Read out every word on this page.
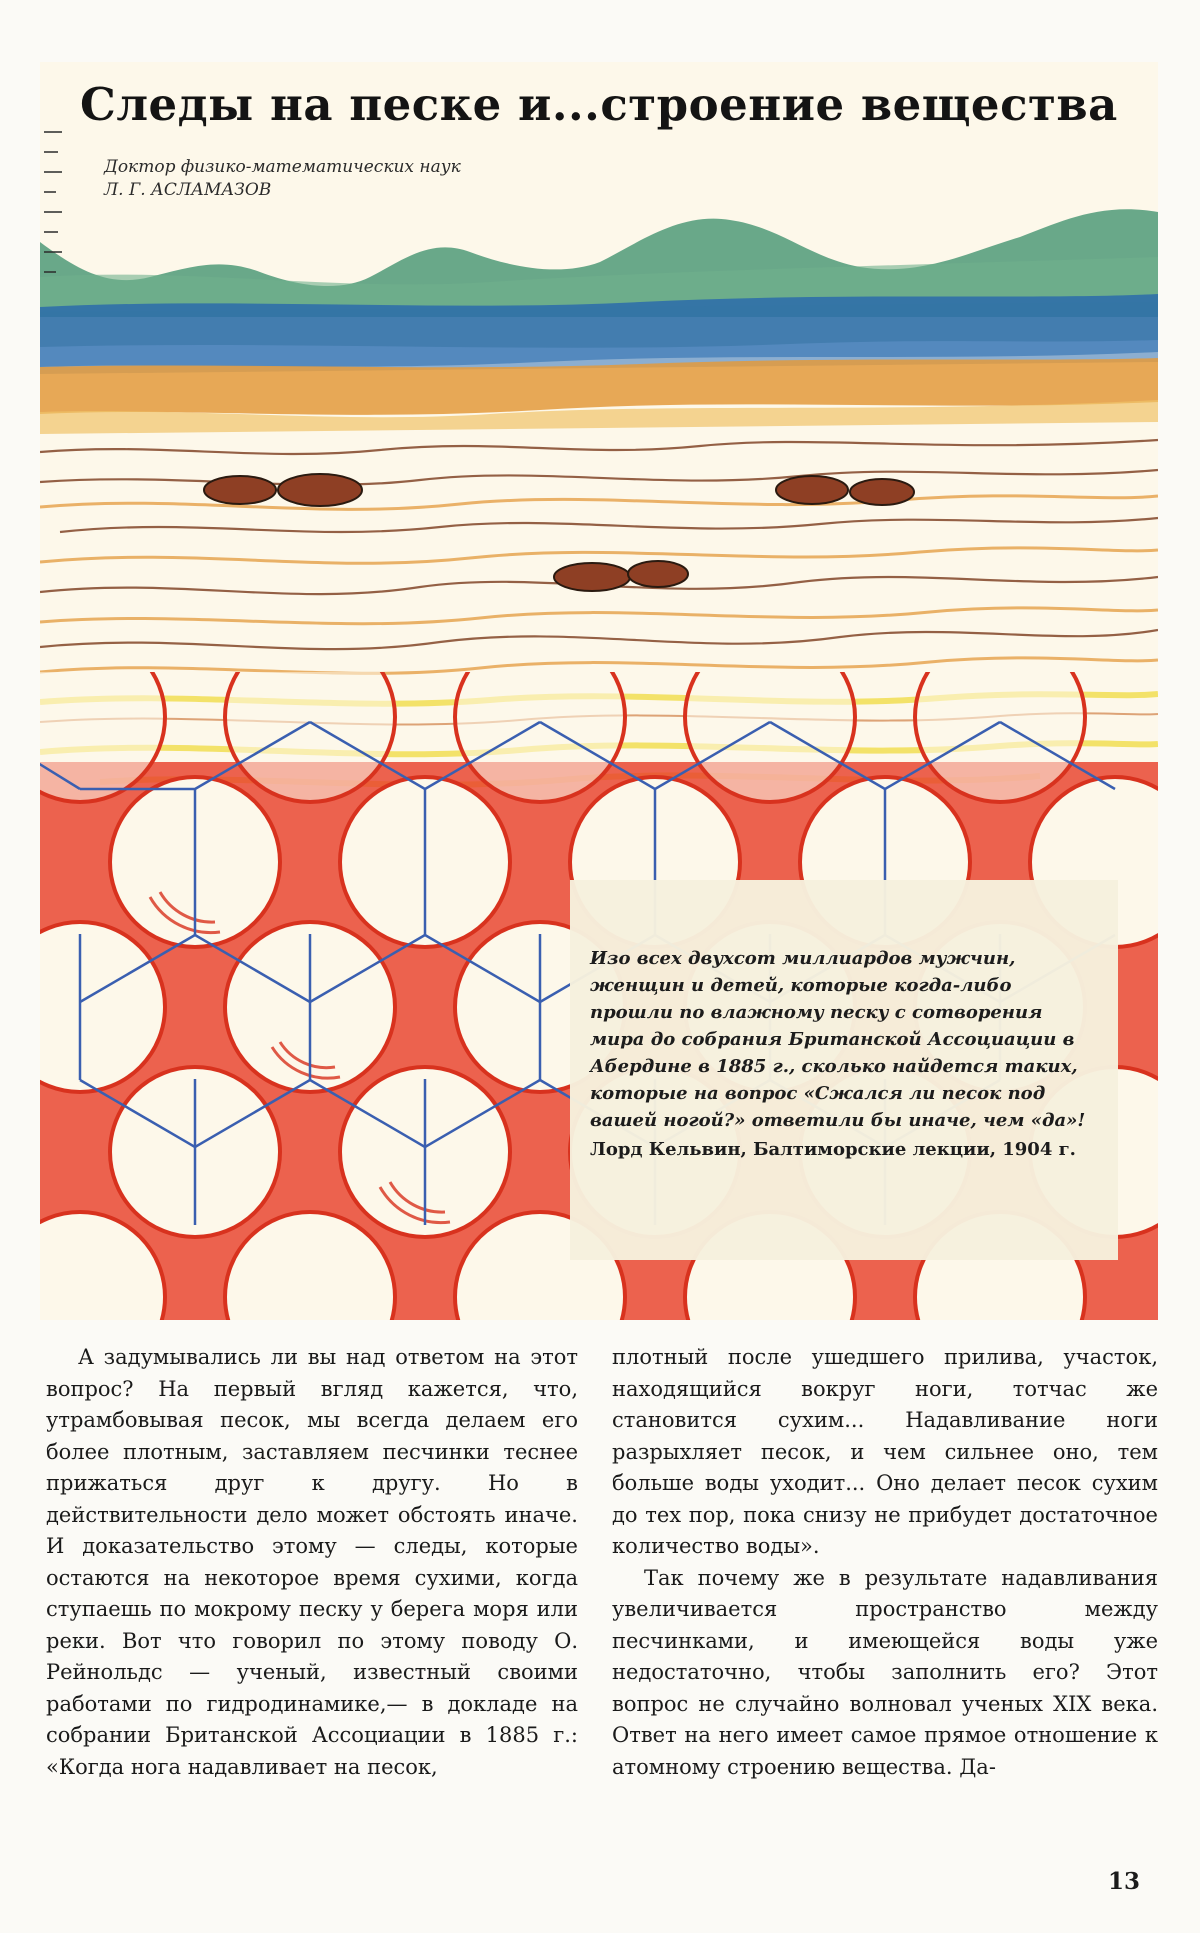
Следы на песке и...строение вещества
Доктор физико-математических наук
Л. Г. АСЛАМАЗОВ
Изо всех двухсот миллиардов мужчин, женщин и детей, которые когда-либо прошли по влажному песку с сотворения мира до собрания Британской Ассоциации в Абердине в 1885 г., сколько найдется таких, которые на вопрос «Сжался ли песок под вашей ногой?» ответили бы иначе, чем «да»!
Лорд Кельвин, Балтиморские лекции, 1904 г.

А задумывались ли вы над ответом на этот вопрос? На первый вгляд кажется, что, утрамбовывая песок, мы всегда делаем его более плотным, заставляем песчинки теснее прижаться друг к другу. Но в действительности дело может обстоять иначе. И доказательство этому — следы, которые остаются на некоторое время сухими, когда ступаешь по мокрому песку у берега моря или реки. Вот что говорил по этому поводу О. Рейнольдс — ученый, известный своими работами по гидродинамике,— в докладе на собрании Британской Ассоциации в 1885 г.: «Когда нога надавливает на песок,

плотный после ушедшего прилива, участок, находящийся вокруг ноги, тотчас же становится сухим... Надавливание ноги разрыхляет песок, и чем сильнее оно, тем больше воды уходит... Оно делает песок сухим до тех пор, пока снизу не прибудет достаточное количество воды».

Так почему же в результате надавливания увеличивается пространство между песчинками, и имеющейся воды уже недостаточно, чтобы заполнить его? Этот вопрос не случайно волновал ученых XIX века. Ответ на него имеет самое прямое отношение к атомному строению вещества. Да-

13
